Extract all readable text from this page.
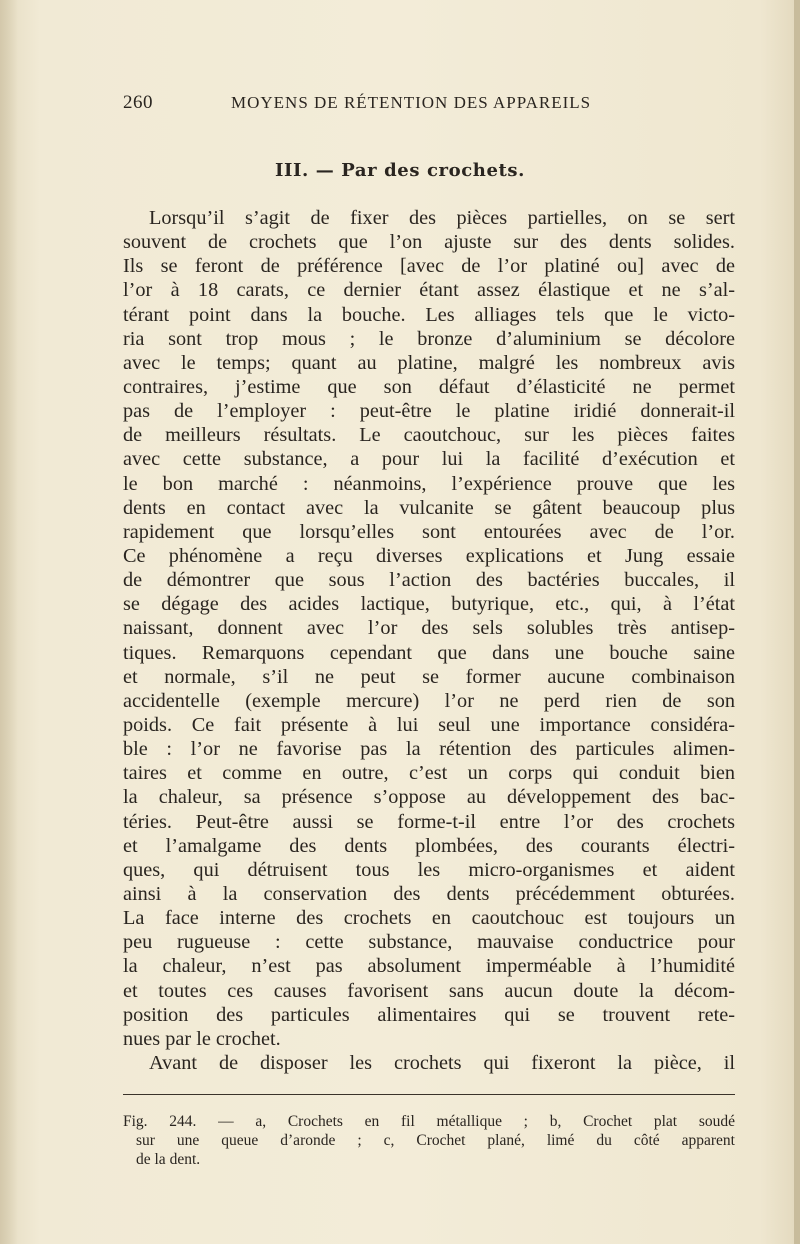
260	MOYENS DE RÉTENTION DES APPAREILS
III. — Par des crochets.
Lorsqu’il s’agit de fixer des pièces partielles, on se sert
souvent de crochets que l’on ajuste sur des dents solides.
Ils se feront de préférence [avec de l’or platiné ou] avec de
l’or à 18 carats, ce dernier étant assez élastique et ne s’al-
térant point dans la bouche. Les alliages tels que le victo-
ria sont trop mous ; le bronze d’aluminium se décolore
avec le temps; quant au platine, malgré les nombreux avis
contraires, j’estime que son défaut d’élasticité ne permet
pas de l’employer : peut-être le platine iridié donnerait-il
de meilleurs résultats. Le caoutchouc, sur les pièces faites
avec cette substance, a pour lui la facilité d’exécution et
le bon marché : néanmoins, l’expérience prouve que les
dents en contact avec la vulcanite se gâtent beaucoup plus
rapidement que lorsqu’elles sont entourées avec de l’or.
Ce phénomène a reçu diverses explications et Jung essaie
de démontrer que sous l’action des bactéries buccales, il
se dégage des acides lactique, butyrique, etc., qui, à l’état
naissant, donnent avec l’or des sels solubles très antisep-
tiques. Remarquons cependant que dans une bouche saine
et normale, s’il ne peut se former aucune combinaison
accidentelle (exemple mercure) l’or ne perd rien de son
poids. Ce fait présente à lui seul une importance considéra-
ble : l’or ne favorise pas la rétention des particules alimen-
taires et comme en outre, c’est un corps qui conduit bien
la chaleur, sa présence s’oppose au développement des bac-
téries. Peut-être aussi se forme-t-il entre l’or des crochets
et l’amalgame des dents plombées, des courants électri-
ques, qui détruisent tous les micro-organismes et aident
ainsi à la conservation des dents précédemment obturées.
La face interne des crochets en caoutchouc est toujours un
peu rugueuse : cette substance, mauvaise conductrice pour
la chaleur, n’est pas absolument imperméable à l’humidité
et toutes ces causes favorisent sans aucun doute la décom-
position des particules alimentaires qui se trouvent rete-
nues par le crochet.
Avant de disposer les crochets qui fixeront la pièce, il
Fig. 244. — a, Crochets en fil métallique ; b, Crochet plat soudé
sur une queue d’aronde ; c, Crochet plané, limé du côté apparent
de la dent.
